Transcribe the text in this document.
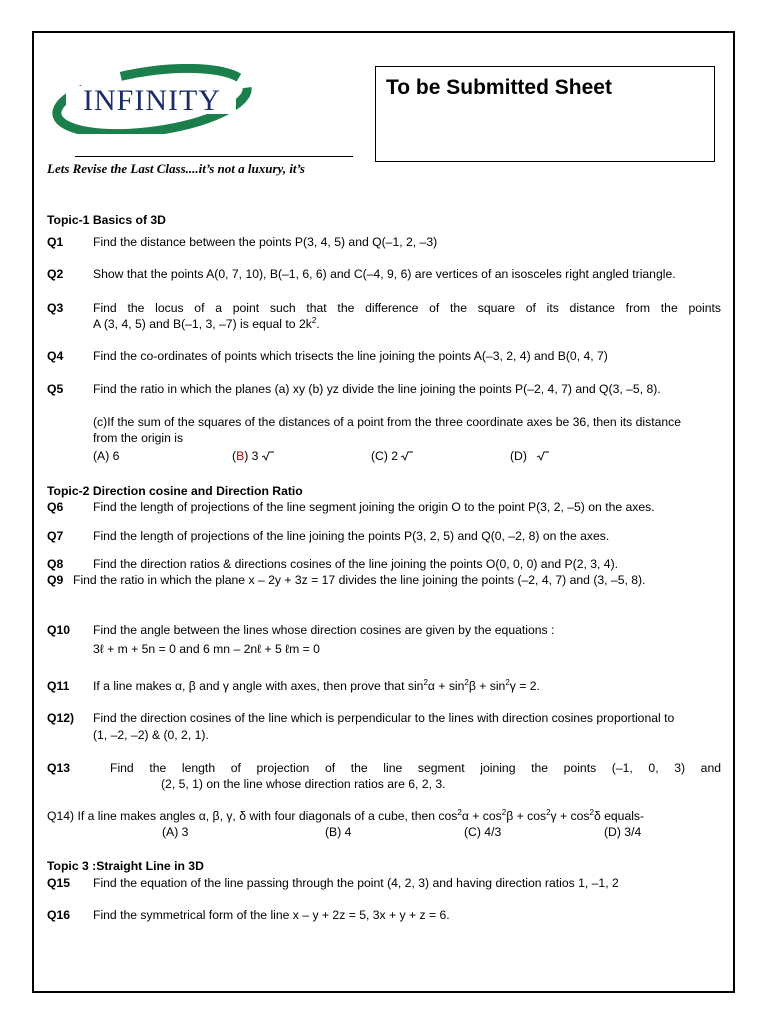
INFINITY	To be Submitted Sheet
Lets Revise the Last Class....it’s not a luxury, it’s
Topic-1 Basics of 3D
Q1 Find the distance between the points P(3, 4, 5) and Q(–1, 2, –3)
Q2 Show that the points A(0, 7, 10), B(–1, 6, 6) and C(–4, 9, 6) are vertices of an isosceles right angled triangle.
Q3 Find the locus of a point such that the difference of the square of its distance from the points
A (3, 4, 5) and B(–1, 3, –7) is equal to $2k^2$.
Q4 Find the co-ordinates of points which trisects the line joining the points A(–3, 2, 4) and B(0, 4, 7)
Q5 Find the ratio in which the planes (a) xy (b) yz divide the line joining the points P(–2, 4, 7) and Q(3, –5, 8).
(c)If the sum of the squares of the distances of a point from the three coordinate axes be 36, then its distance
from the origin is
(A) 6	(B) 3	(C) 2	(D)
Topic-2 Direction cosine and Direction Ratio
Q6 Find the length of projections of the line segment joining the origin O to the point P(3, 2, –5) on the axes.
Q7 Find the length of projections of the line joining the points P(3, 2, 5) and Q(0, –2, 8) on the axes.
Q8 Find the direction ratios & directions cosines of the line joining the points O(0, 0, 0) and P(2, 3, 4).
Q9 Find the ratio in which the plane x – 2y + 3z = 17 divides the line joining the points (–2, 4, 7) and (3, –5, 8).
Q10 Find the angle between the lines whose direction cosines are given by the equations :
3ℓ + m + 5n = 0 and 6 mn – 2nℓ + 5 ℓm = 0
Q11 If a line makes α, β and γ angle with axes, then prove that $\sin^2\alpha + \sin^2\beta + \sin^2\gamma = 2$.
Q12) Find the direction cosines of the line which is perpendicular to the lines with direction cosines proportional to
(1, –2, –2) & (0, 2, 1).
Q13	Find the length of projection of the line segment joining the points (–1, 0, 3) and
(2, 5, 1) on the line whose direction ratios are 6, 2, 3.
Q14) If a line makes angles α, β, γ, δ with four diagonals of a cube, then $\cos^2\alpha + \cos^2\beta + \cos^2\gamma + \cos^2\delta$ equals-
(A) 3	(B) 4	(C) 4/3	(D) 3/4
Topic 3 :Straight Line in 3D
Q15 Find the equation of the line passing through the point (4, 2, 3) and having direction ratios 1, –1, 2
Q16 Find the symmetrical form of the line x – y + 2z = 5, 3x + y + z = 6.
